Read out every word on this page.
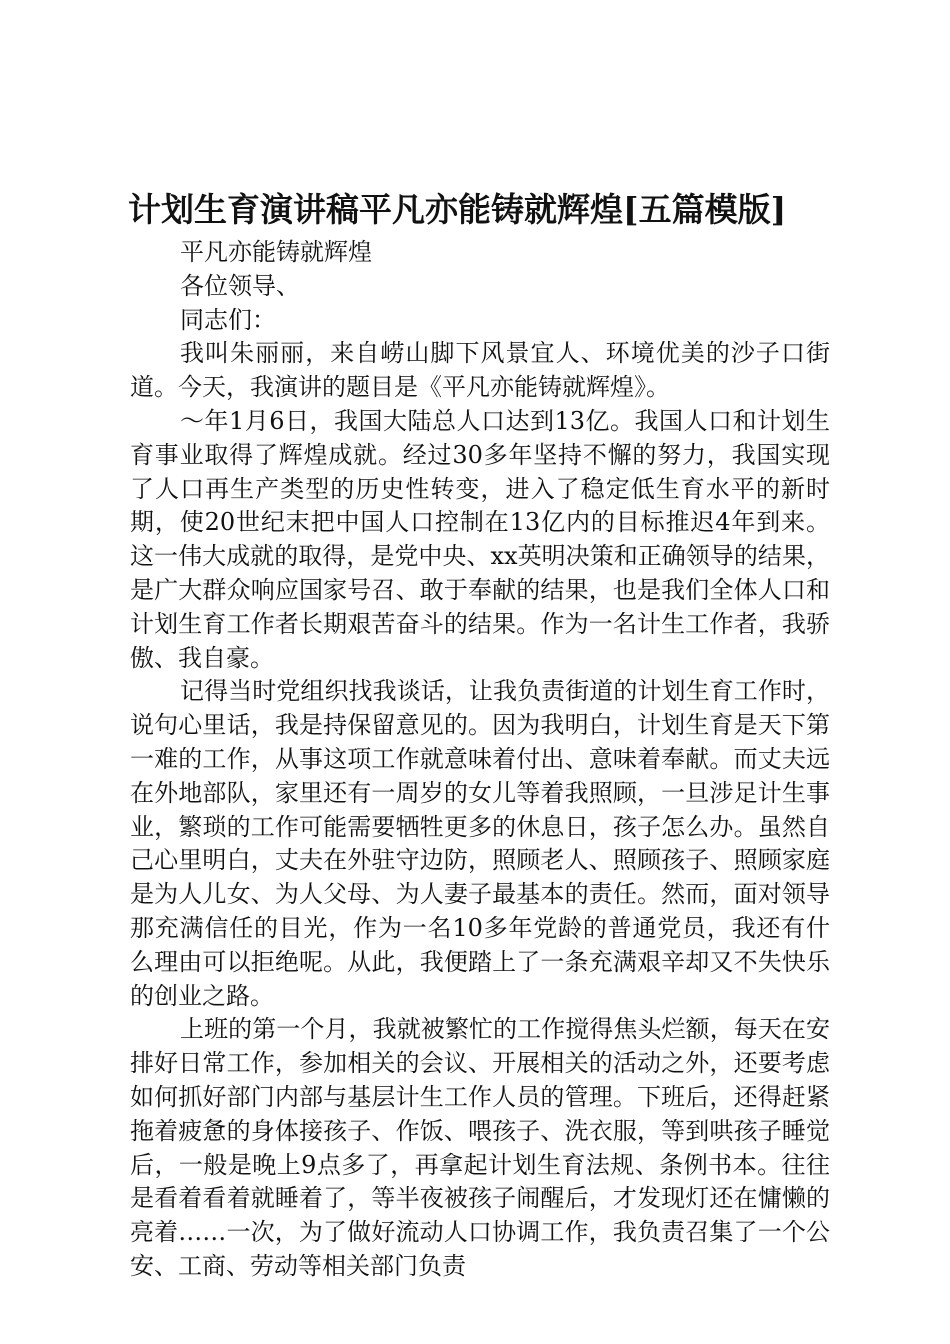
计划生育演讲稿平凡亦能铸就辉煌[五篇模版]

平凡亦能铸就辉煌

各位领导、

同志们：

我叫朱丽丽，来自崂山脚下风景宜人、环境优美的沙子口街道。今天，我演讲的题目是《平凡亦能铸就辉煌》。

～年1月6日，我国大陆总人口达到13亿。我国人口和计划生育事业取得了辉煌成就。经过30多年坚持不懈的努力，我国实现了人口再生产类型的历史性转变，进入了稳定低生育水平的新时期，使20世纪末把中国人口控制在13亿内的目标推迟4年到来。这一伟大成就的取得，是党中央、xx英明决策和正确领导的结果，是广大群众响应国家号召、敢于奉献的结果，也是我们全体人口和计划生育工作者长期艰苦奋斗的结果。作为一名计生工作者，我骄傲、我自豪。

记得当时党组织找我谈话，让我负责街道的计划生育工作时，说句心里话，我是持保留意见的。因为我明白，计划生育是天下第一难的工作，从事这项工作就意味着付出、意味着奉献。而丈夫远在外地部队，家里还有一周岁的女儿等着我照顾，一旦涉足计生事业，繁琐的工作可能需要牺牲更多的休息日，孩子怎么办。虽然自己心里明白，丈夫在外驻守边防，照顾老人、照顾孩子、照顾家庭是为人儿女、为人父母、为人妻子最基本的责任。然而，面对领导那充满信任的目光，作为一名10多年党龄的普通党员，我还有什么理由可以拒绝呢。从此，我便踏上了一条充满艰辛却又不失快乐的创业之路。

上班的第一个月，我就被繁忙的工作搅得焦头烂额，每天在安排好日常工作，参加相关的会议、开展相关的活动之外，还要考虑如何抓好部门内部与基层计生工作人员的管理。下班后，还得赶紧拖着疲惫的身体接孩子、作饭、喂孩子、洗衣服，等到哄孩子睡觉后，一般是晚上9点多了，再拿起计划生育法规、条例书本。往往是看着看着就睡着了，等半夜被孩子闹醒后，才发现灯还在慵懒的亮着……一次，为了做好流动人口协调工作，我负责召集了一个公安、工商、劳动等相关部门负责
